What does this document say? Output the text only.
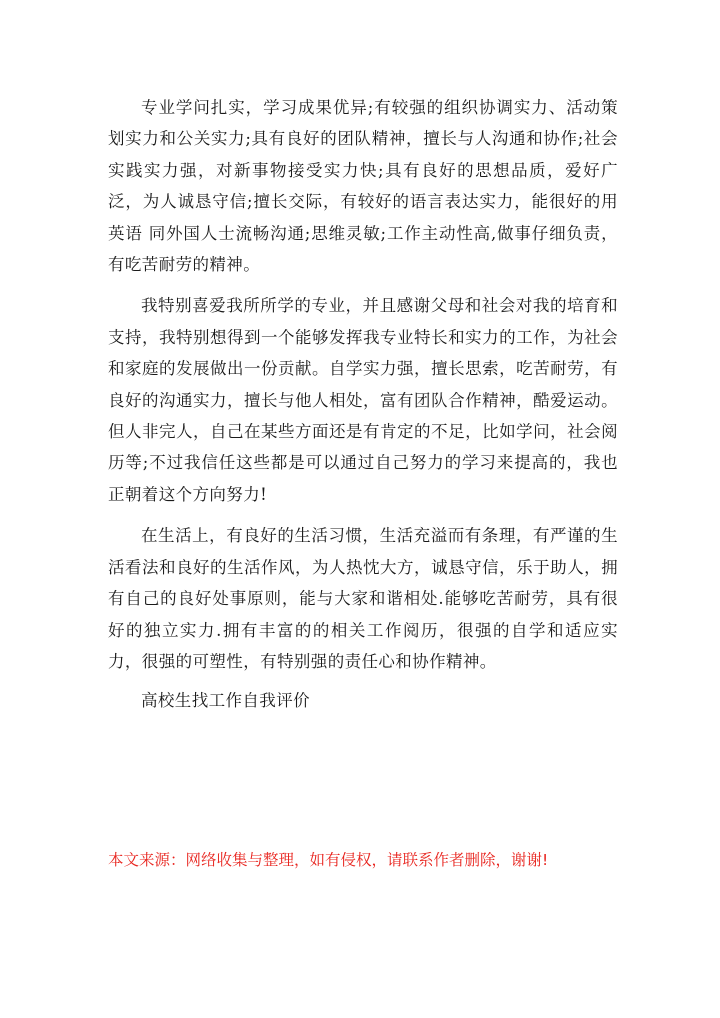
专业学问扎实，学习成果优异;有较强的组织协调实力、活动策划实力和公关实力;具有良好的团队精神，擅长与人沟通和协作;社会实践实力强，对新事物接受实力快;具有良好的思想品质，爱好广泛，为人诚恳守信;擅长交际，有较好的语言表达实力，能很好的用 英语 同外国人士流畅沟通;思维灵敏;工作主动性高,做事仔细负责，有吃苦耐劳的精神。

我特别喜爱我所所学的专业，并且感谢父母和社会对我的培育和支持，我特别想得到一个能够发挥我专业特长和实力的工作，为社会和家庭的发展做出一份贡献。自学实力强，擅长思索，吃苦耐劳，有良好的沟通实力，擅长与他人相处，富有团队合作精神，酷爱运动。但人非完人，自己在某些方面还是有肯定的不足，比如学问，社会阅历等;不过我信任这些都是可以通过自己努力的学习来提高的，我也正朝着这个方向努力!

在生活上，有良好的生活习惯，生活充溢而有条理，有严谨的生活看法和良好的生活作风，为人热忱大方，诚恳守信，乐于助人，拥有自己的良好处事原则，能与大家和谐相处.能够吃苦耐劳，具有很好的独立实力.拥有丰富的的相关工作阅历，很强的自学和适应实力，很强的可塑性，有特别强的责任心和协作精神。

高校生找工作自我评价

本文来源：网络收集与整理，如有侵权，请联系作者删除，谢谢!
